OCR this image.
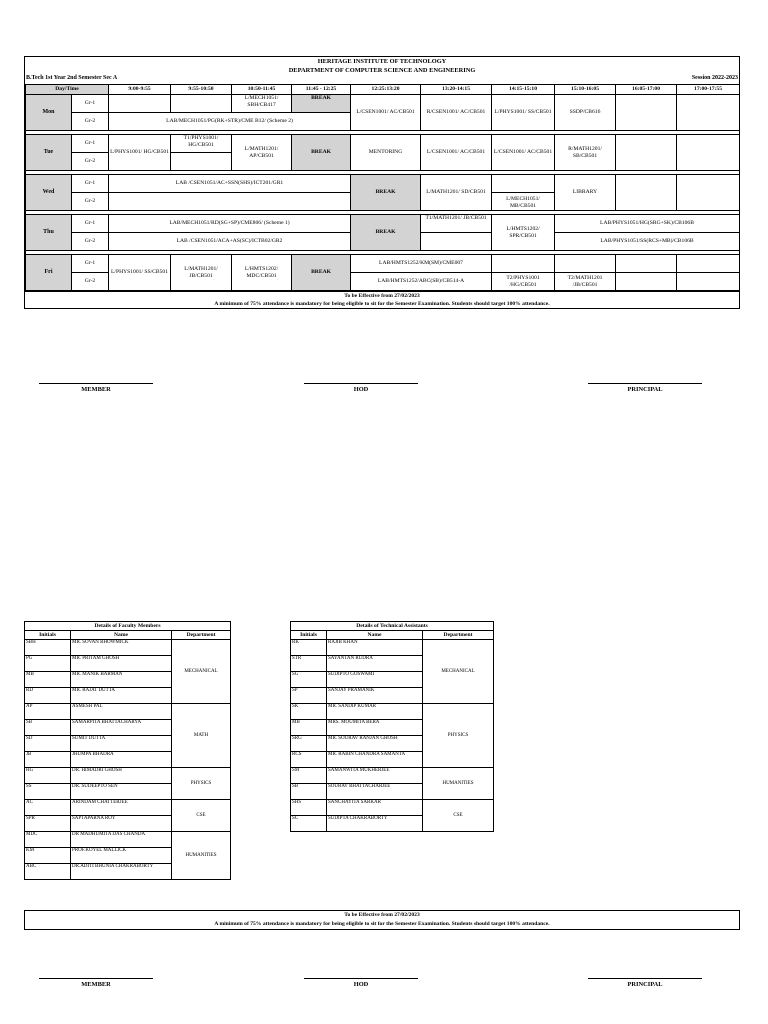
HERITAGE INSTITUTE OF TECHNOLOGY
DEPARTMENT OF COMPUTER SCIENCE AND ENGINEERING
B.Tech 1st Year 2nd Semester Sec A	Session 2022-2023
Day/Time		9:00-9:55	9:55-10:50	10:50-11:45	11:45 - 12:25	12:25:13:20	13:20-14:15	14:15-15:10	15:10-16:05	16:05-17:00	17:00-17:55
Mon	Gr-1			L/MECH1051/ SBH/CB417	BREAK	L/CSEN1001/ AC/CB501	R/CSEN1001/ AC/CB501	L/PHYS1001/ SS/CB501	SSDP/CB616		
	Gr-2	LAB/MECH1051/PG(RK+STR)/CME B12/ (Scheme 2)									

Tue	Gr-1	L/PHYS1001/ HG/CB501	T1/PHYS1001/ HG/CB501	L/MATH1201/ AP/CB501	BREAK	MENTORING	L/CSEN1001/ AC/CB501	L/CSEN1001/ AC/CB501	R/MATH1201/ SB/CB501		
	Gr-2										

Wed	Gr-1	LAB /CSEN1051/AC+SSN(SHS)/ICT201/GR1				BREAK	L/MATH1201/ SD/CB501		LIBRARY		
	Gr-2							L/MECH1051/ MB/CB501			

Thu	Gr-1	LAB/MECH1051/RD(SG+SP)/CME806/ (Scheme 1)				BREAK	T1/MATH1201/ JB/CB501	L/HMTS1202/ SPR/CB501	LAB/PHYS1051/HG(SRG+SK)/CB106B		
	Gr-2	LAB /CSEN1051/ACA+AS(SC)/ICTB02/GR2							LAB/PHYS1051/SS(RCS+MB)/CB106B		

Fri	Gr-1	L/PHYS1001/ SS/CB501	L/MATH1201/ JB/CB501	L/HMTS1202/ MDC/CB501	BREAK	LAB/HMTS1252/KM(SM)/CME007					
	Gr-2					LAB/HMTS1252/ABC(SB)/CB514-A		T2/PHYS1001 /HG/CB501	T2/MATH1201 /JB/CB501		
To be Effective from 27/02/2023
A minimum of 75% attendance is mandatory for being eligible to sit for the Semester Examination. Students should target 100% attendance.
MEMBER	HOD	PRINCIPAL
Details of Faculty Members		
Initials	Name	Department
SBH	MR. SOVAN BHOWMICK	MECHANICAL
PG	MR. PRITAM GHOSH	
MB	MR. MANIK BARMAN	
RD	MR. RAJAT DUTTA	
AP	ASMESH PAL	MATH
SB	SAMARPITA BHATTACHARYA	
SD	SUMIT DUTTA	
JB	JHUMPA BHADRA	
HG	DR. HIMADRI GHOSH	PHYSICS
SS	DR. SUDEEPTO SEN	
AC	ARINDAM CHATTERJEE	CSE
SPR	SAPTAPARNA ROY	
MDC	DR MADHUMITA DAS CHANDA	HUMANITIES
KM	PROF.KOYEL MALLICK	
ABC	DR.ADITI BHUNIA CHAKRABORTY	
Details of Technical Assistants		
Initials	Name	Department
RK	RAJIB KHAN	MECHANICAL
STR	SAYANTAN RUDRA	
SG	SUDIPTO GOSWAMI	
SP	SANJAY PRAMANIK	
SK	MR. SANDIP KUMAR	PHYSICS
MB	MRS. MOUMITA BERA	
SRG	MR. SOURAV RANJAN GHOSH	
RCS	MR. RABIN CHANDRA SAMANTA	
SM	SAMANWITA MUKHERJEE	HUMANITIES
SB	SOURAV BHATTACHARJEE	
SHS	SANCHAYITA SARKAR	CSE
SC	SUDIPTA CHAKRABORTY	
To be Effective from 27/02/2023
A minimum of 75% attendance is mandatory for being eligible to sit for the Semester Examination. Students should target 100% attendance.
MEMBER	HOD	PRINCIPAL
